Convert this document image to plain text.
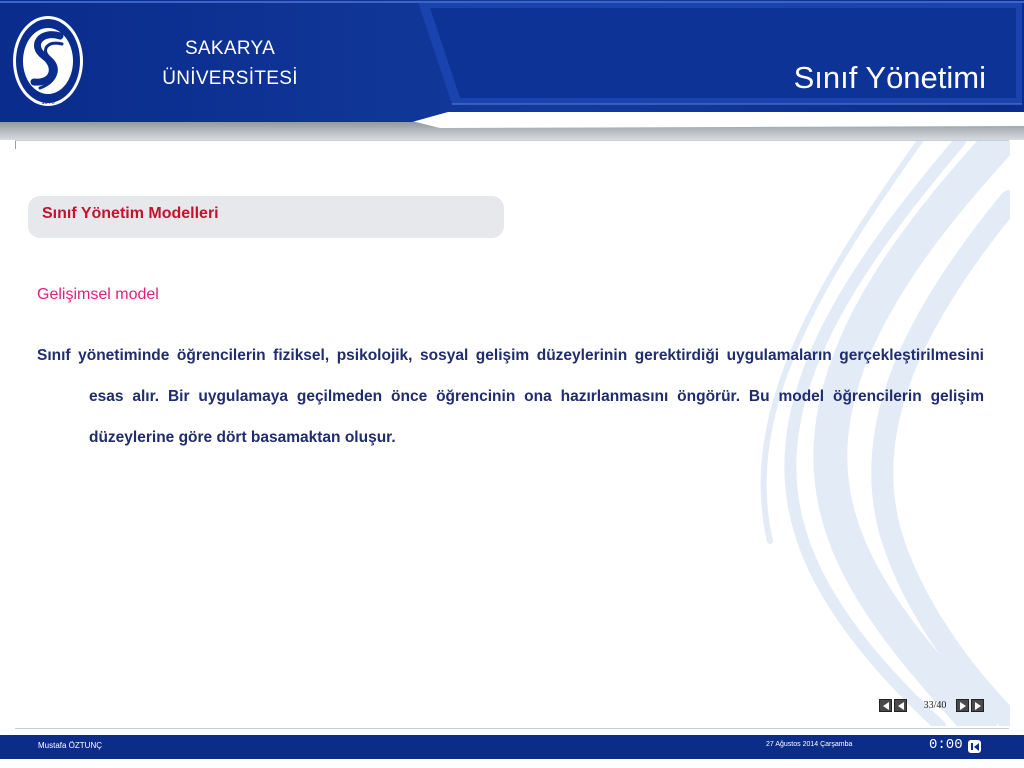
1970
SAKARYA
ÜNİVERSİTESİ	Sınıf Yönetimi
Sınıf Yönetim Modelleri
Gelişimsel model

Sınıf yönetiminde öğrencilerin fiziksel, psikolojik, sosyal gelişim düzeylerinin gerektirdiği uygulamaların gerçekleştirilmesini esas alır. Bir uygulamaya geçilmeden önce öğrencinin ona hazırlanmasını öngörür. Bu model öğrencilerin gelişim düzeylerine göre dört basamaktan oluşur.

33/40
Mustafa ÖZTUNÇ	27 Ağustos 2014 Çarşamba	0:00
